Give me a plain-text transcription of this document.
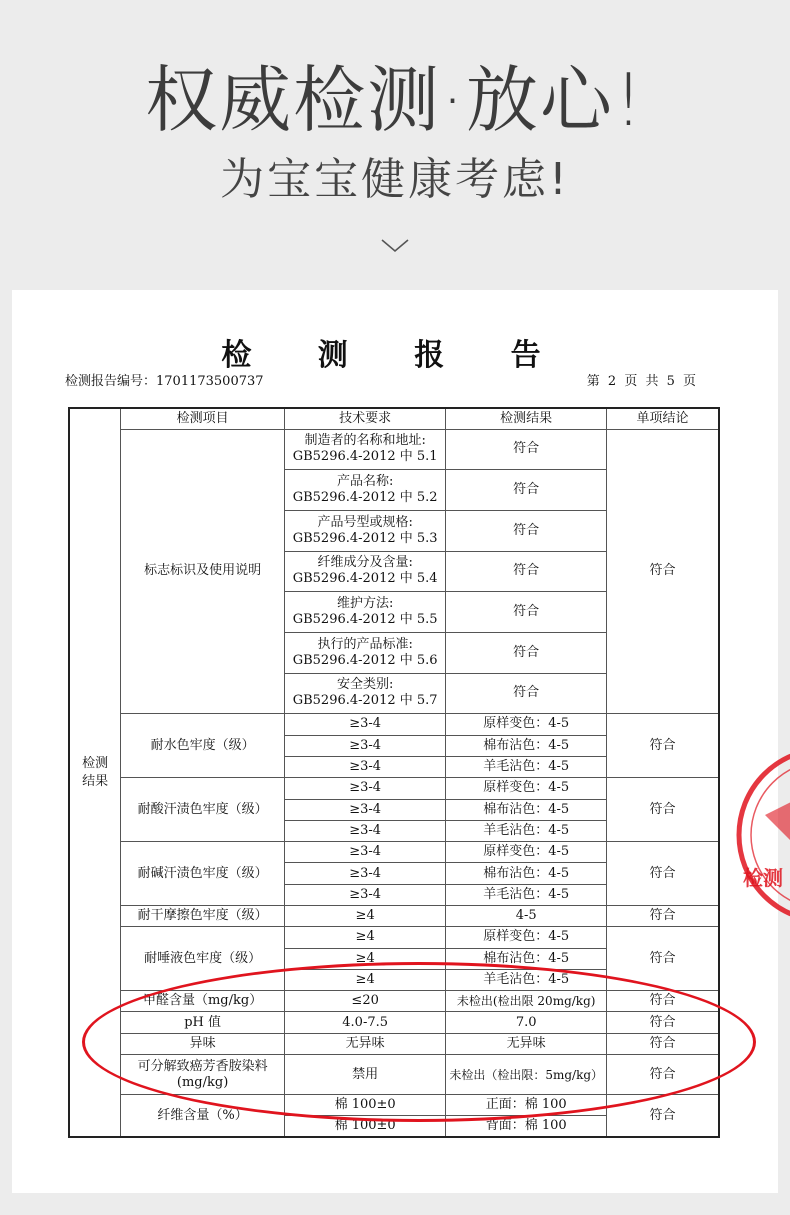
权威检测·放心!
为宝宝健康考虑!
检 测 报 告
检测报告编号：1701173500737	第 2 页 共 5 页
检测
结果	检测项目	技术要求	检测结果	单项结论
	标志标识及使用说明	制造者的名称和地址:
GB5296.4-2012 中 5.1	符合	符合
		产品名称:
GB5296.4-2012 中 5.2	符合	
		产品号型或规格:
GB5296.4-2012 中 5.3	符合	
		纤维成分及含量:
GB5296.4-2012 中 5.4	符合	
		维护方法:
GB5296.4-2012 中 5.5	符合	
		执行的产品标准:
GB5296.4-2012 中 5.6	符合	
		安全类别:
GB5296.4-2012 中 5.7	符合	
	耐水色牢度（级）	≥3-4	原样变色：4-5	符合
		≥3-4	棉布沾色：4-5	
		≥3-4	羊毛沾色：4-5	
	耐酸汗渍色牢度（级）	≥3-4	原样变色：4-5	符合
		≥3-4	棉布沾色：4-5	
		≥3-4	羊毛沾色：4-5	
	耐碱汗渍色牢度（级）	≥3-4	原样变色：4-5	符合
		≥3-4	棉布沾色：4-5	
		≥3-4	羊毛沾色：4-5	
	耐干摩擦色牢度（级）	≥4	4-5	符合
	耐唾液色牢度（级）	≥4	原样变色：4-5	符合
		≥4	棉布沾色：4-5	
		≥4	羊毛沾色：4-5	
	甲醛含量（mg/kg）	≤20	未检出(检出限 20mg/kg)	符合
	pH 值	4.0-7.5	7.0	符合
	异味	无异味	无异味	符合
	可分解致癌芳香胺染料
(mg/kg)	禁用	未检出（检出限：5mg/kg）	符合
	纤维含量（%）	棉 100±0	正面：棉 100	符合
		棉 100±0	背面：棉 100	
检测
